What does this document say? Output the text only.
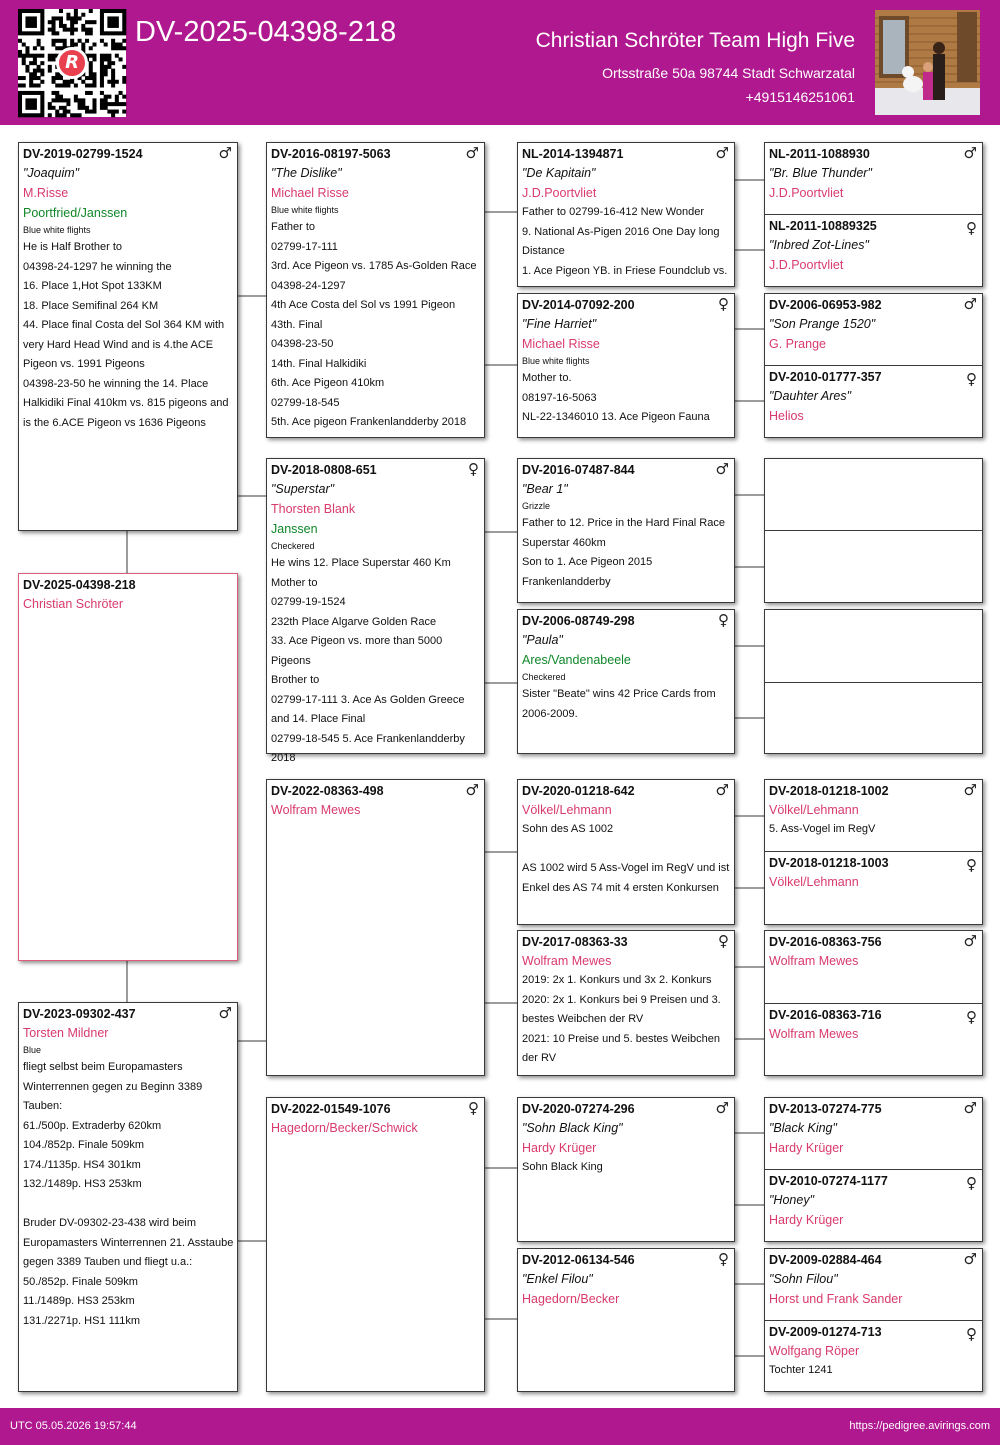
R
DV-2025-04398-218	Christian Schröter Team High Five
Ortsstraße 50a 98744 Stadt Schwarzatal
+4915146251061
DV-2019-02799-1524	♂
"Joaquim"
M.Risse
Poortfried/Janssen
Blue white flights
He is Half Brother to
04398-24-1297 he winning the
16. Place 1,Hot Spot 133KM
18. Place Semifinal 264 KM
44. Place final Costa del Sol 364 KM with very Hard Head Wind and is 4.the ACE Pigeon vs. 1991 Pigeons
04398-23-50 he winning the 14. Place Halkidiki Final 410km vs. 815 pigeons and is the 6.ACE Pigeon vs 1636 Pigeons
DV-2025-04398-218
Christian Schröter
DV-2023-09302-437	♂
Torsten Mildner
Blue
fliegt selbst beim Europamasters Winterrennen gegen zu Beginn 3389 Tauben:
61./500p. Extraderby 620km
104./852p. Finale 509km
174./1135p. HS4 301km
132./1489p. HS3 253km

Bruder DV-09302-23-438 wird beim Europamasters Winterrennen 21. Asstaube gegen 3389 Tauben und fliegt u.a.:
50./852p. Finale 509km
11./1489p. HS3 253km
131./2271p. HS1 111km
DV-2016-08197-5063	♂
"The Dislike"
Michael Risse
Blue white flights
Father to
02799-17-111
3rd. Ace Pigeon vs. 1785 As-Golden Race
04398-24-1297
4th Ace Costa del Sol vs 1991 Pigeon
43th. Final
04398-23-50
14th. Final Halkidiki
6th. Ace Pigeon 410km
02799-18-545
5th. Ace pigeon Frankenlandderby 2018
DV-2018-0808-651	♀
"Superstar"
Thorsten Blank
Janssen
Checkered
He wins 12. Place Superstar 460 Km
Mother to
02799-19-1524
232th Place Algarve Golden Race
33. Ace Pigeon vs. more than 5000 Pigeons
Brother to
02799-17-111 3. Ace As Golden Greece and 14. Place Final
02799-18-545 5. Ace Frankenlandderby 2018
DV-2022-08363-498	♂
Wolfram Mewes
DV-2022-01549-1076	♀
Hagedorn/Becker/Schwick
NL-2014-1394871	♂
"De Kapitain"
J.D.Poortvliet
Father to 02799-16-412 New Wonder
9. National As-Pigen 2016 One Day long Distance
1. Ace Pigeon YB. in Friese Foundclub vs.
DV-2014-07092-200	♀
"Fine Harriet"
Michael Risse
Blue white flights
Mother to.
08197-16-5063
NL-22-1346010 13. Ace Pigeon Fauna
DV-2016-07487-844	♂
"Bear 1"
Grizzle
Father to 12. Price in the Hard Final Race Superstar 460km
Son to 1. Ace Pigeon 2015 Frankenlandderby
DV-2006-08749-298	♀
"Paula"
Ares/Vandenabeele
Checkered
Sister "Beate" wins 42 Price Cards from 2006-2009.
DV-2020-01218-642	♂
Völkel/Lehmann
Sohn des AS 1002

AS 1002 wird 5 Ass-Vogel im RegV und ist Enkel des AS 74 mit 4 ersten Konkursen
DV-2017-08363-33	♀
Wolfram Mewes
2019: 2x 1. Konkurs und 3x 2. Konkurs
2020: 2x 1. Konkurs bei 9 Preisen und 3. bestes Weibchen der RV
2021: 10 Preise und 5. bestes Weibchen der RV
DV-2020-07274-296	♂
"Sohn Black King"
Hardy Krüger
Sohn Black King
DV-2012-06134-546	♀
"Enkel Filou"
Hagedorn/Becker
NL-2011-1088930	♂
"Br. Blue Thunder"
J.D.Poortvliet
NL-2011-10889325	♀
"Inbred Zot-Lines"
J.D.Poortvliet
DV-2006-06953-982	♂
"Son Prange 1520"
G. Prange
DV-2010-01777-357	♀
"Dauhter Ares"
Helios
DV-2018-01218-1002	♂
Völkel/Lehmann
5. Ass-Vogel im RegV
DV-2018-01218-1003	♀
Völkel/Lehmann
DV-2016-08363-756	♂
Wolfram Mewes
DV-2016-08363-716	♀
Wolfram Mewes
DV-2013-07274-775	♂
"Black King"
Hardy Krüger
DV-2010-07274-1177	♀
"Honey"
Hardy Krüger
DV-2009-02884-464	♂
"Sohn Filou"
Horst und Frank Sander
DV-2009-01274-713	♀
Wolfgang Röper
Tochter 1241
UTC 05.05.2026 19:57:44	https://pedigree.avirings.com
